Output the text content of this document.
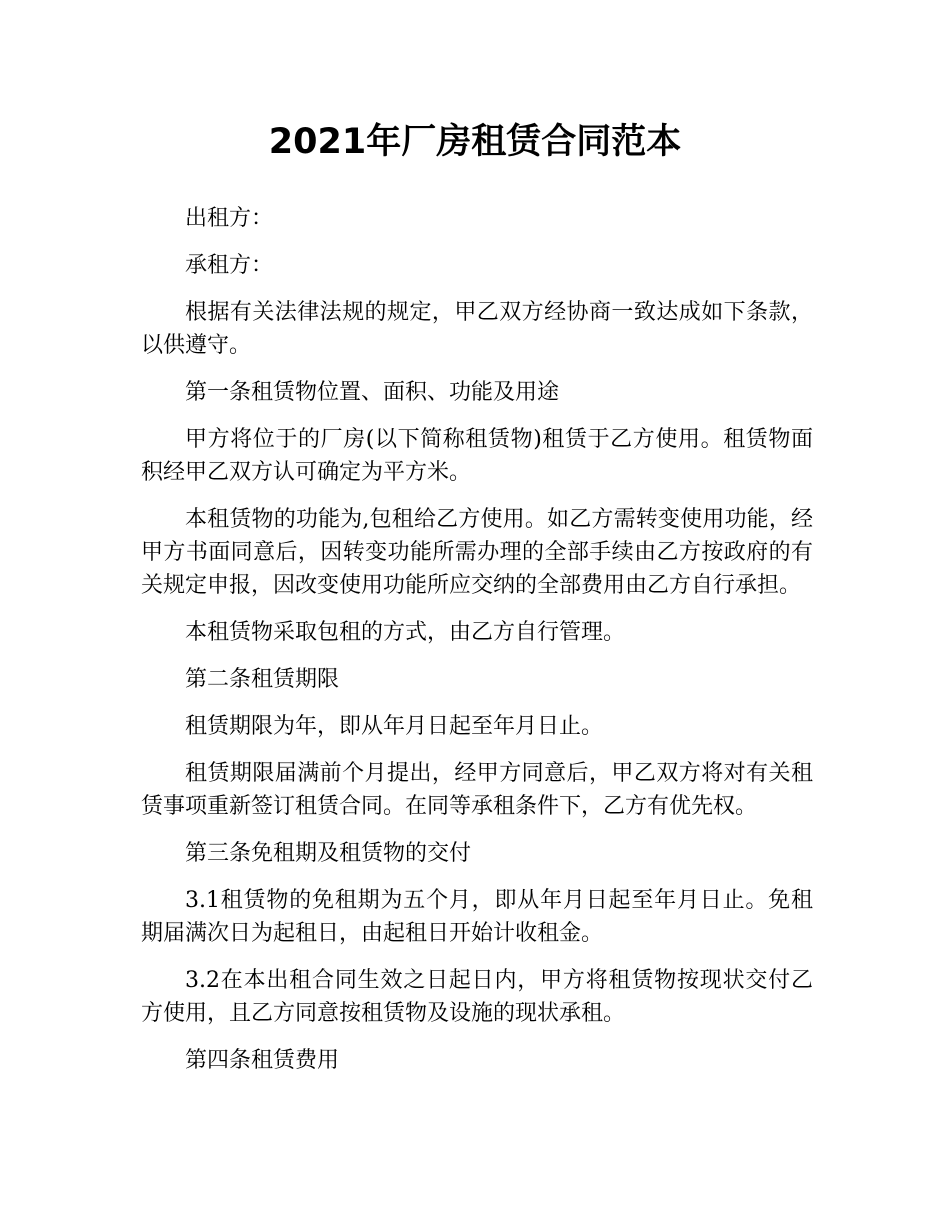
2021年厂房租赁合同范本

出租方：

承租方：

根据有关法律法规的规定，甲乙双方经协商一致达成如下条款，以供遵守。

第一条租赁物位置、面积、功能及用途

甲方将位于的厂房(以下简称租赁物)租赁于乙方使用。租赁物面积经甲乙双方认可确定为平方米。

本租赁物的功能为,包租给乙方使用。如乙方需转变使用功能，经甲方书面同意后，因转变功能所需办理的全部手续由乙方按政府的有关规定申报，因改变使用功能所应交纳的全部费用由乙方自行承担。

本租赁物采取包租的方式，由乙方自行管理。

第二条租赁期限

租赁期限为年，即从年月日起至年月日止。

租赁期限届满前个月提出，经甲方同意后，甲乙双方将对有关租赁事项重新签订租赁合同。在同等承租条件下，乙方有优先权。

第三条免租期及租赁物的交付

3.1租赁物的免租期为五个月，即从年月日起至年月日止。免租期届满次日为起租日，由起租日开始计收租金。

3.2在本出租合同生效之日起日内，甲方将租赁物按现状交付乙方使用，且乙方同意按租赁物及设施的现状承租。

第四条租赁费用
